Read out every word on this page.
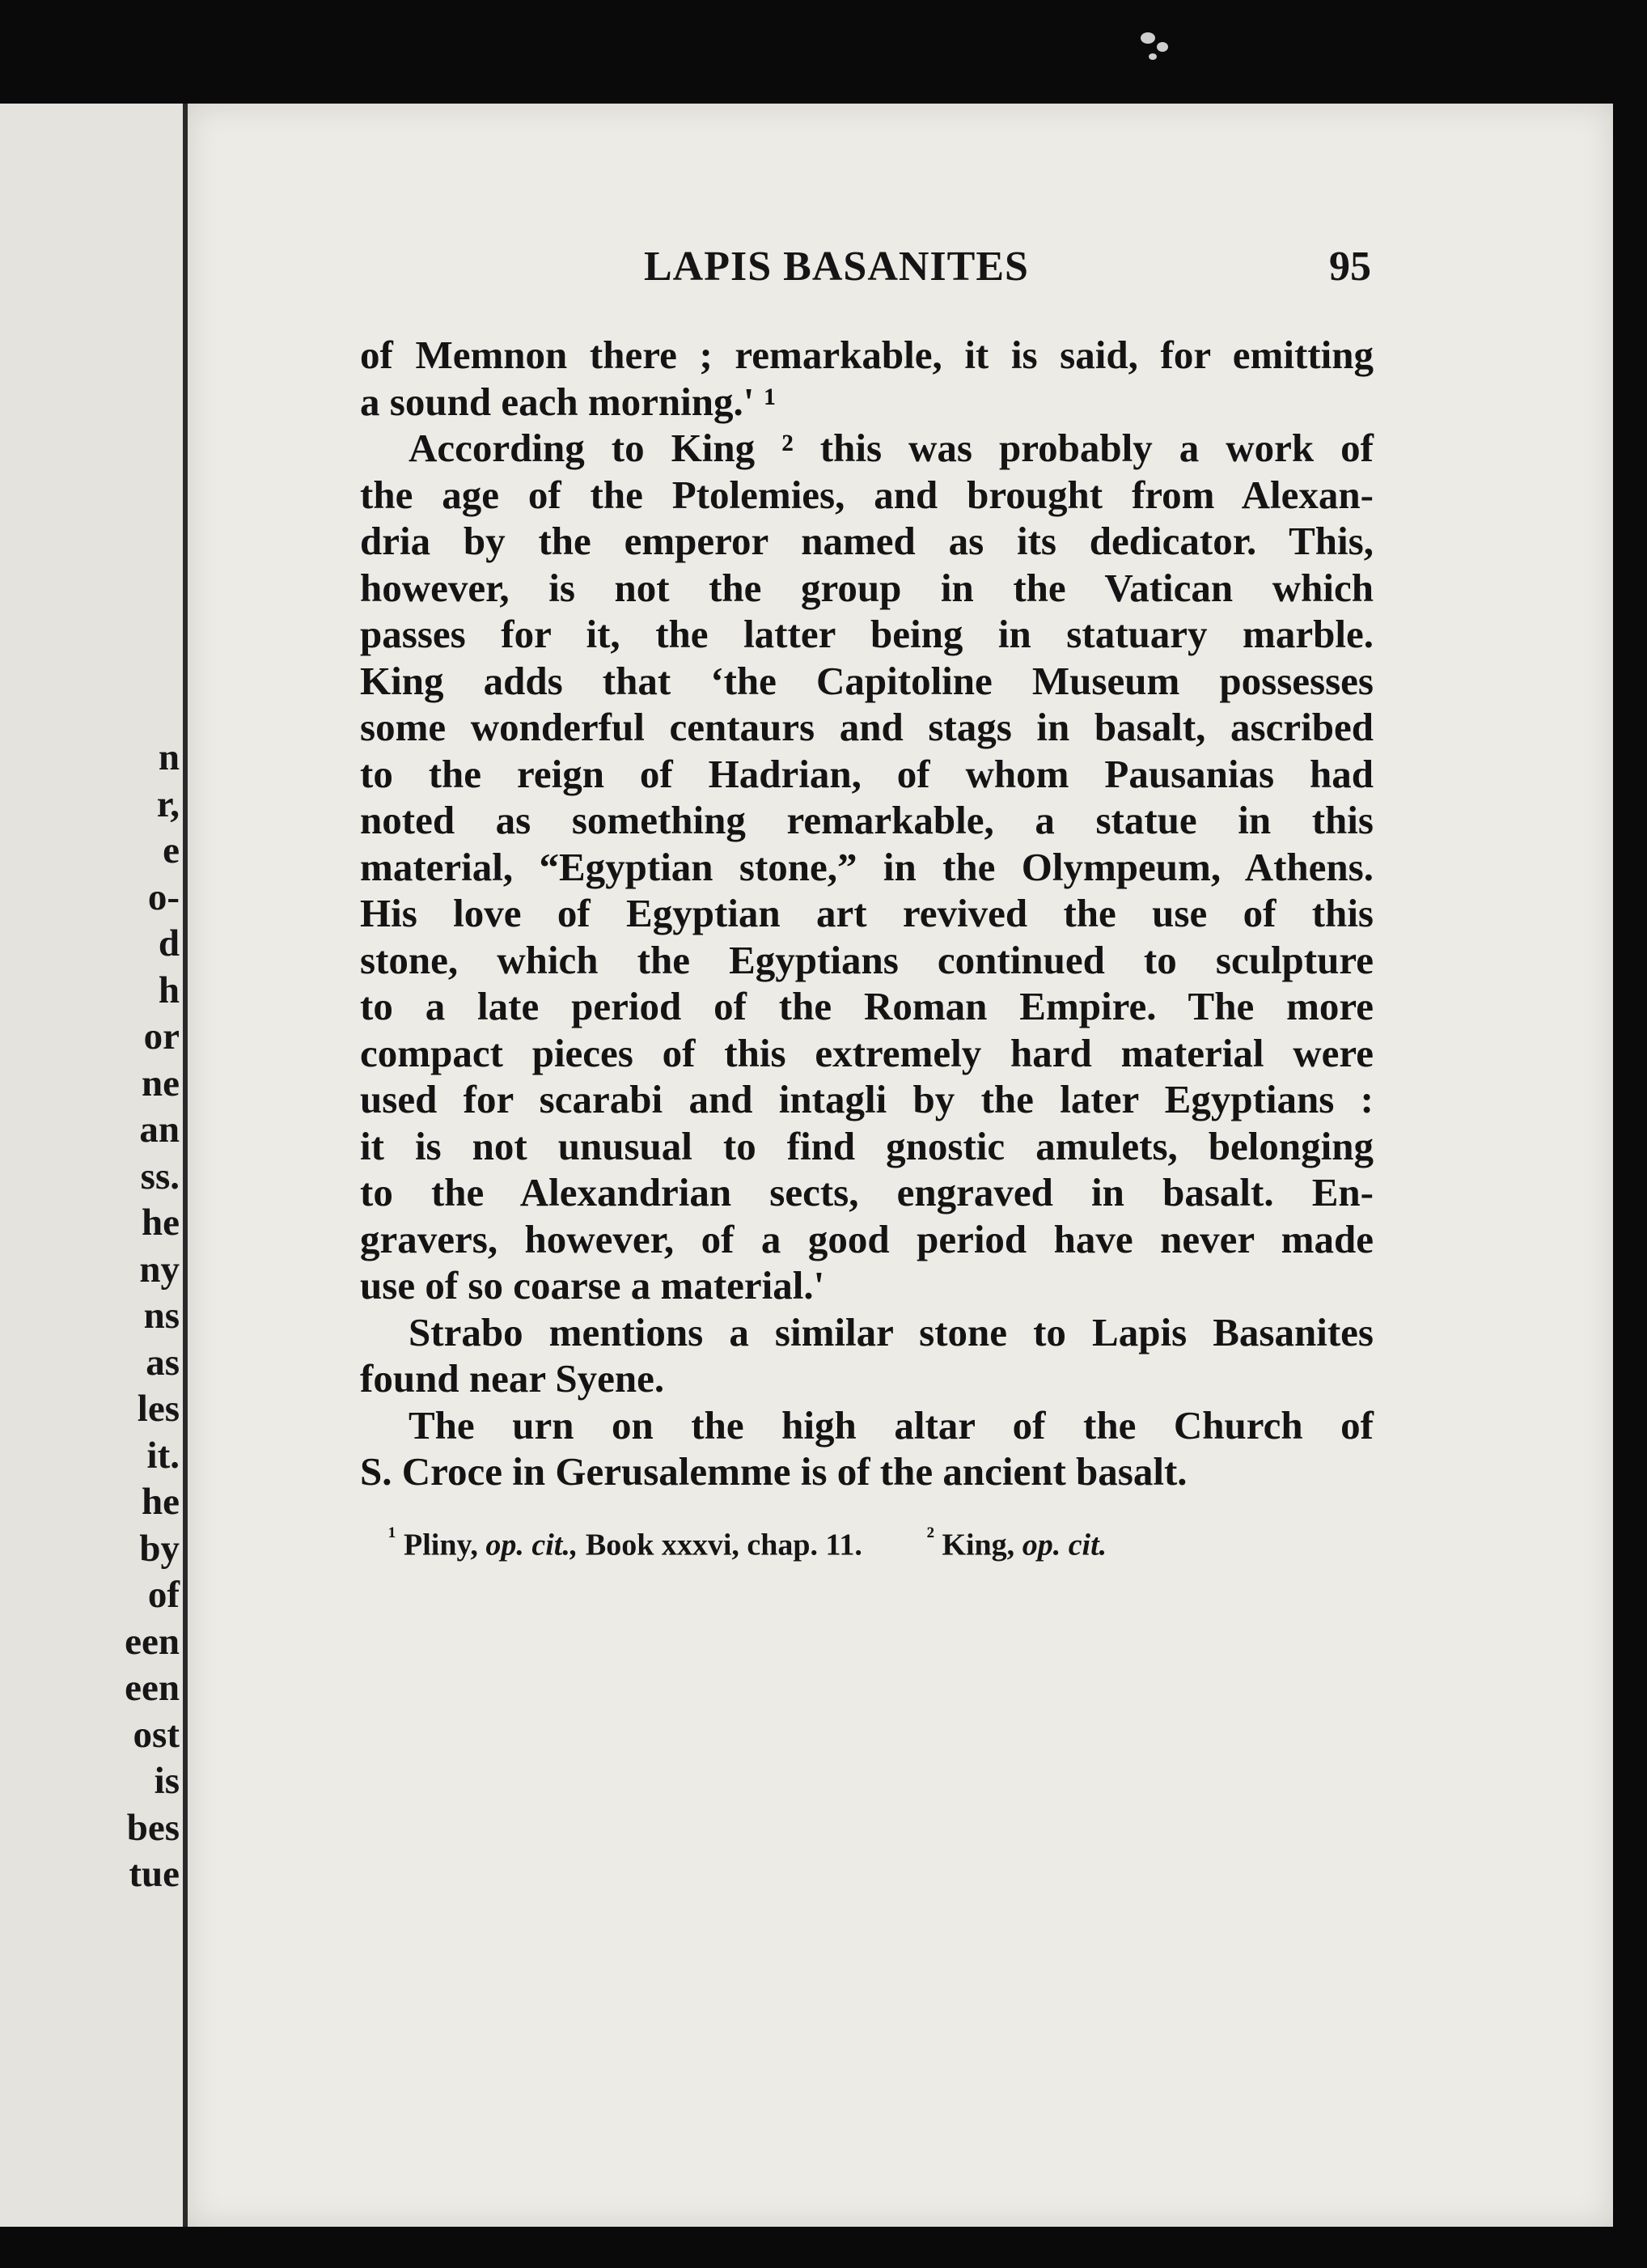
n
r,
e
o-
d
h
or
ne
an
ss.
he
ny
ns
as
les
it.
he
by
of
een
een
ost
is
bes
tue
LAPIS BASANITES	95
of Memnon there ; remarkable, it is said, for emitting
a sound each morning.' ¹
According to King ² this was probably a work of
the age of the Ptolemies, and brought from Alexan-
dria by the emperor named as its dedicator. This,
however, is not the group in the Vatican which
passes for it, the latter being in statuary marble.
King adds that ‘the Capitoline Museum possesses
some wonderful centaurs and stags in basalt, ascribed
to the reign of Hadrian, of whom Pausanias had
noted as something remarkable, a statue in this
material, “Egyptian stone,” in the Olympeum, Athens.
His love of Egyptian art revived the use of this
stone, which the Egyptians continued to sculpture
to a late period of the Roman Empire. The more
compact pieces of this extremely hard material were
used for scarabi and intagli by the later Egyptians :
it is not unusual to find gnostic amulets, belonging
to the Alexandrian sects, engraved in basalt. En-
gravers, however, of a good period have never made
use of so coarse a material.'
Strabo mentions a similar stone to Lapis Basanites
found near Syene.
The urn on the high altar of the Church of
S. Croce in Gerusalemme is of the ancient basalt.
$^{^1}$ Pliny, op. cit., Book xxxvi, chap. 11.	$^{^2}$ King, op. cit.
